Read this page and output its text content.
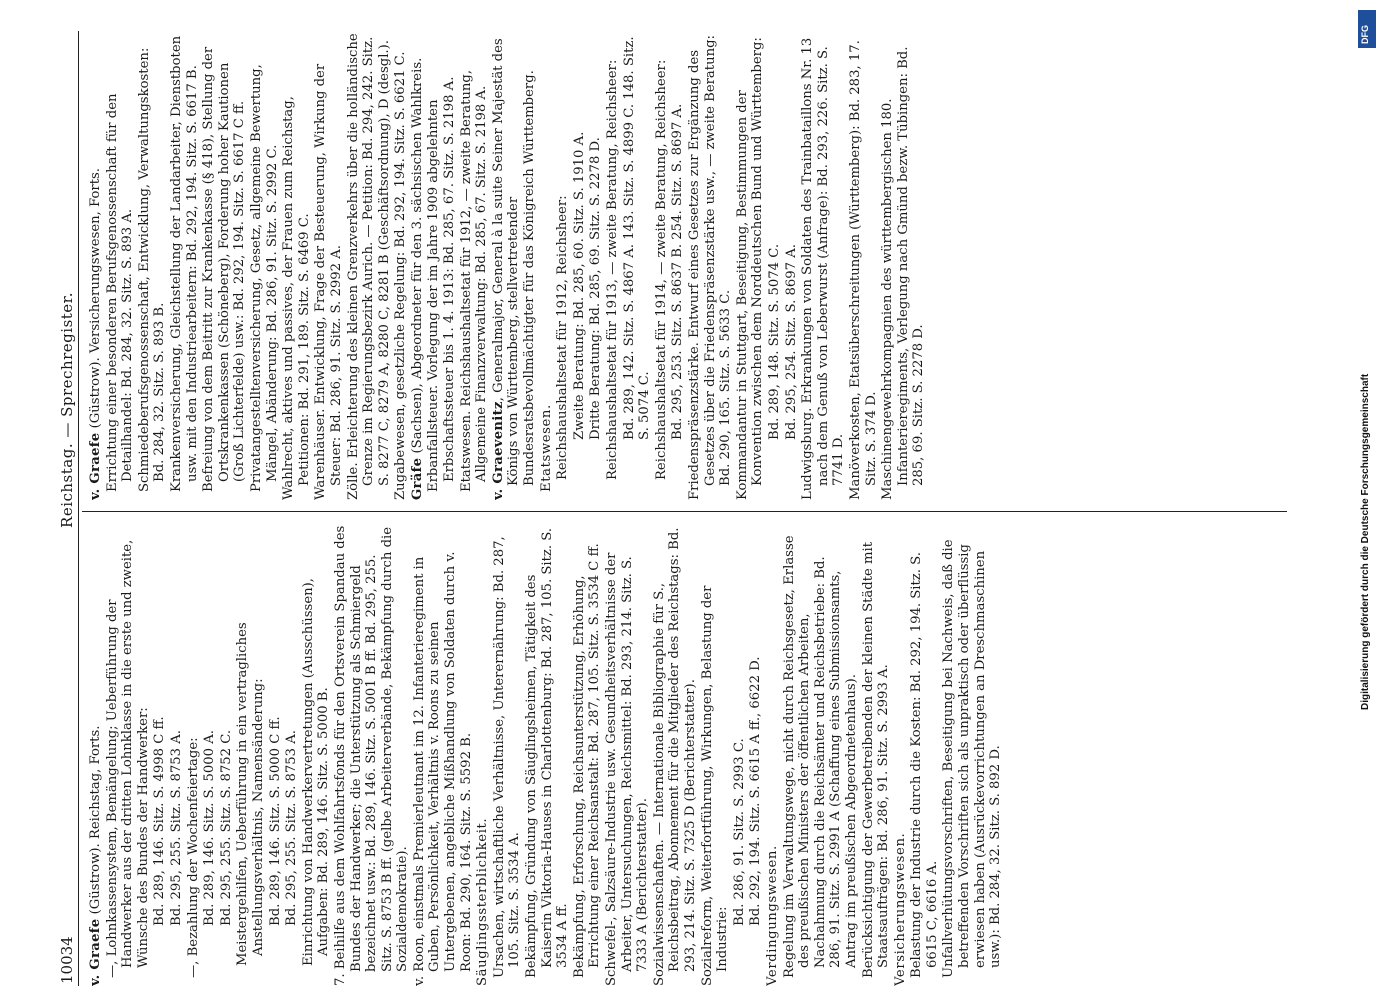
10034
Reichstag. — Sprechregister.
v. Graefe (Güstrow). Reichstag, Forts. —, Lohnkassensystem, Bemängelung; Ueberführung der Handwerker aus der dritten Lohnklasse in die erste und zweite, Wünsche des Bundes der Handwerker: Bd. 289, 146. Sitz. S. 4998 C ff. Bd. 295, 255. Sitz. S. 8753 A. —, Bezahlung der Wochenfeiertage: Bd. 289, 146. Sitz. S. 5000 A. Bd. 295, 255. Sitz. S. 8752 C. Meistergehilfen, Ueberführung in ein vertragliches Anstellungsverhältnis, Namensänderung: Bd. 289, 146. Sitz. S. 5000 C ff. Bd. 295, 255. Sitz. S. 8753 A. Einrichtung von Handwerkervertretungen (Ausschüssen), Aufgaben: Bd. 289, 146. Sitz. S. 5000 B. 7. Beihilfe aus dem Wohlfahrtsfonds für den Ortsverein Spandau des Bundes der Handwerker; die Unterstützung als Schmiergeld bezeichnet usw.: Bd. 289, 146. Sitz. S. 5001 B ff. Bd. 295, 255. Sitz. S. 8753 B ff. (gelbe Arbeiterverbände, Bekämpfung durch die Sozialdemokratie). v. Roon, einstmals Premierleutnant im 12. Infanterieregiment in Guben, Persönlichkeit, Verhältnis v. Roons zu seinen Untergebenen, angebliche Mißhandlung von Soldaten durch v. Roon: Bd. 290, 164. Sitz. S. 5592 B. Säuglingssterblichkeit. Ursachen, wirtschaftliche Verhältnisse, Unterernährung: Bd. 287, 105. Sitz. S. 3534 A. Bekämpfung, Gründung von Säuglingsheimen, Tätigkeit des Kaiserin Viktoria-Hauses in Charlottenburg: Bd. 287, 105. Sitz. S. 3534 A ff. Bekämpfung, Erforschung, Reichsunterstützung, Erhöhung, Errichtung einer Reichsanstalt: Bd. 287, 105. Sitz. S. 3534 C ff. Schwefel-, Salzsäure-Industrie usw. Gesundheitsverhältnisse der Arbeiter, Untersuchungen, Reichsmittel: Bd. 293, 214. Sitz. S. 7333 A (Berichterstatter). Sozialwissenschaften. — Internationale Bibliographie für S., Reichsbeitrag, Abonnement für die Mitglieder des Reichstags: Bd. 293, 214. Sitz. S. 7325 D (Berichterstatter). Sozialreform, Weiterfortführung, Wirkungen, Belastung der Industrie:
Bd. 286, 91. Sitz. S. 2993 C. Bd. 292, 194. Sitz. S. 6615 A ff., 6622 D. Verdingungswesen. Regelung im Verwaltungswege, nicht durch Reichsgesetz, Erlasse des preußischen Ministers der öffentlichen Arbeiten, Nachahmung durch die Reichsämter und Reichsbetriebe: Bd. 286, 91. Sitz. S. 2991 A (Schaffung eines Submissionsamts, Antrag im preußischen Abgeordnetenhaus). Berücksichtigung der Gewerbetreibenden der kleinen Städte mit Staatsaufträgen: Bd. 286, 91. Sitz. S. 2993 A. Versicherungswesen. Belastung der Industrie durch die Kosten: Bd. 292, 194. Sitz. S. 6615 C, 6616 A. Unfallverhütungsvorschriften, Beseitigung bei Nachweis, daß die betreffenden Vorschriften sich als unpraktisch oder überflüssig erwiesen haben (Ausrückevorrichtungen an Dreschmaschinen usw.): Bd. 284, 32. Sitz. S. 892 D.
v. Graefe (Güstrow). Versicherungswesen, Forts. Errichtung einer besonderen Berufsgenossenschaft für den Detailhandel: Bd. 284, 32. Sitz. S. 893 A. Schmiedeberufsgenossenschaft, Entwicklung, Verwaltungskosten: Bd. 284, 32. Sitz. S. 893 B. Krankenversicherung, Gleichstellung der Landarbeiter, Dienstboten usw. mit den Industriearbeitern: Bd. 292, 194. Sitz. S. 6617 B. Befreiung von dem Beitritt zur Krankenkasse (§ 418), Stellung der Ortskrankenkassen (Schöneberg), Forderung hoher Kautionen (Groß Lichterfelde) usw.: Bd. 292, 194. Sitz. S. 6617 C ff. Privatangestelltenversicherung, Gesetz, allgemeine Bewertung, Mängel, Abänderung: Bd. 286, 91. Sitz. S. 2992 C. Wahlrecht, aktives und passives, der Frauen zum Reichstag, Petitionen: Bd. 291, 189. Sitz. S. 6469 C. Warenhäuser. Entwicklung, Frage der Besteuerung, Wirkung der Steuer: Bd. 286, 91. Sitz. S. 2992 A. Zölle. Erleichterung des kleinen Grenzverkehrs über die holländische Grenze im Regierungsbezirk Aurich. — Petition: Bd. 294, 242. Sitz. S. 8277 C, 8279 A, 8280 C, 8281 B (Geschäftsordnung), D (desgl.). Zugabewesen, gesetzliche Regelung: Bd. 292, 194. Sitz. S. 6621 C. Gräfe (Sachsen), Abgeordneter für den 3. sächsischen Wahlkreis. Erbanfallsteuer. Vorlegung der im Jahre 1909 abgelehnten Erbschaftssteuer bis 1. 4. 1913: Bd. 285, 67. Sitz. S. 2198 A. Etatswesen. Reichshaushaltsetat für 1912, — zweite Beratung, Allgemeine Finanzverwaltung: Bd. 285, 67. Sitz. S. 2198 A. v. Graevenitz, Generalmajor, General à la suite Seiner Majestät des Königs von Württemberg, stellvertretender Bundesratsbevollmächtigter für das Königreich Württemberg. Etatswesen. Reichshaushaltsetat für 1912, Reichsheer: Zweite Beratung: Bd. 285, 60. Sitz. S. 1910 A. Dritte Beratung: Bd. 285, 69. Sitz. S. 2278 D. Reichshaushaltsetat für 1913, — zweite Beratung, Reichsheer: Bd. 289, 142. Sitz. S. 4867 A. 143. Sitz. S. 4899 C. 148. Sitz. S. 5074 C. Reichshaushaltsetat für 1914, — zweite Beratung, Reichsheer: Bd. 295, 253. Sitz. S. 8637 B. 254. Sitz. S. 8697 A. Friedenspräsenzstärke. Entwurf eines Gesetzes zur Ergänzung des Gesetzes über die Friedenspräsenzstärke usw., — zweite Beratung: Bd. 290, 165. Sitz. S. 5633 C. Kommandantur in Stuttgart, Beseitigung, Bestimmungen der Konvention zwischen dem Norddeutschen Bund und Württemberg: Bd. 289, 148. Sitz. S. 5074 C. Bd. 295, 254. Sitz. S. 8697 A. Ludwigsburg. Erkrankungen von Soldaten des Trainbataillons Nr. 13 nach dem Genuß von Leberwurst (Anfrage): Bd. 293, 226. Sitz. S. 7741 D. Manöverkosten, Etatsüberschreitungen (Württemberg): Bd. 283, 17. Sitz. S. 374 D. Maschinengewehrkompagnien des württembergischen 180. Infanterieregiments, Verlegung nach Gmünd bezw. Tübingen: Bd. 285, 69. Sitz. S. 2278 D.
DFG
Digitalisierung gefördert durch die Deutsche Forschungsgemeinschaft
